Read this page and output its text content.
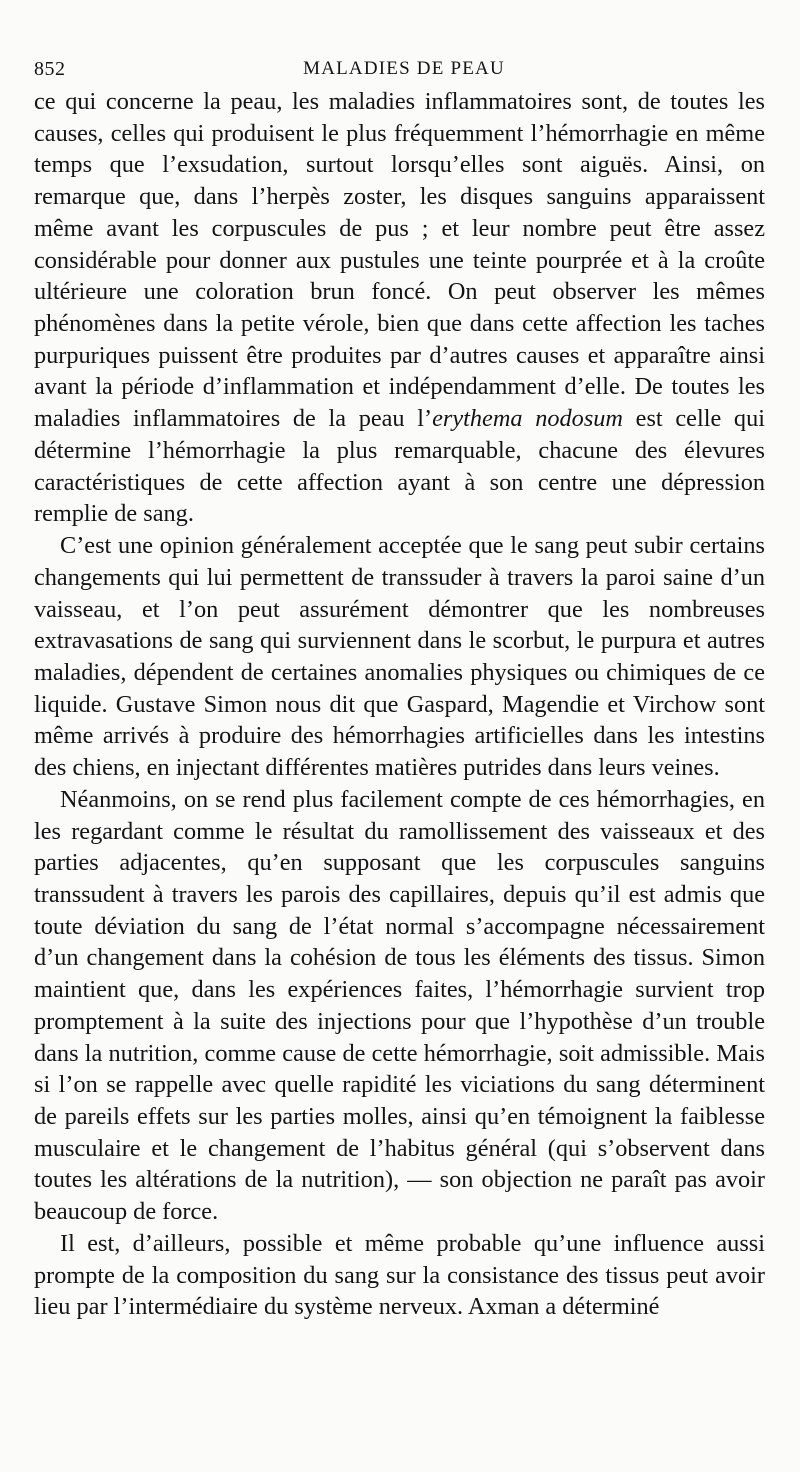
852	MALADIES DE PEAU

ce qui concerne la peau, les maladies inflammatoires sont, de toutes les causes, celles qui produisent le plus fréquemment l’hémorrhagie en même temps que l’exsudation, surtout lorsqu’elles sont aiguës. Ainsi, on remarque que, dans l’herpès zoster, les disques sanguins apparaissent même avant les corpuscules de pus ; et leur nombre peut être assez considérable pour donner aux pustules une teinte pourprée et à la croûte ultérieure une coloration brun foncé. On peut observer les mêmes phénomènes dans la petite vérole, bien que dans cette affection les taches purpuriques puissent être produites par d’autres causes et apparaître ainsi avant la période d’inflammation et indépendamment d’elle. De toutes les maladies inflammatoires de la peau l’erythema nodosum est celle qui détermine l’hémorrhagie la plus remarquable, chacune des élevures caractéristiques de cette affection ayant à son centre une dépression remplie de sang.

C’est une opinion généralement acceptée que le sang peut subir certains changements qui lui permettent de transsuder à travers la paroi saine d’un vaisseau, et l’on peut assurément démontrer que les nombreuses extravasations de sang qui surviennent dans le scorbut, le purpura et autres maladies, dépendent de certaines anomalies physiques ou chimiques de ce liquide. Gustave Simon nous dit que Gaspard, Magendie et Virchow sont même arrivés à produire des hémorrhagies artificielles dans les intestins des chiens, en injectant différentes matières putrides dans leurs veines.

Néanmoins, on se rend plus facilement compte de ces hémorrhagies, en les regardant comme le résultat du ramollissement des vaisseaux et des parties adjacentes, qu’en supposant que les corpuscules sanguins transsudent à travers les parois des capillaires, depuis qu’il est admis que toute déviation du sang de l’état normal s’accompagne nécessairement d’un changement dans la cohésion de tous les éléments des tissus. Simon maintient que, dans les expériences faites, l’hémorrhagie survient trop promptement à la suite des injections pour que l’hypothèse d’un trouble dans la nutrition, comme cause de cette hémorrhagie, soit admissible. Mais si l’on se rappelle avec quelle rapidité les viciations du sang déterminent de pareils effets sur les parties molles, ainsi qu’en témoignent la faiblesse musculaire et le changement de l’habitus général (qui s’observent dans toutes les altérations de la nutrition), — son objection ne paraît pas avoir beaucoup de force.

Il est, d’ailleurs, possible et même probable qu’une influence aussi prompte de la composition du sang sur la consistance des tissus peut avoir lieu par l’intermédiaire du système nerveux. Axman a déterminé
